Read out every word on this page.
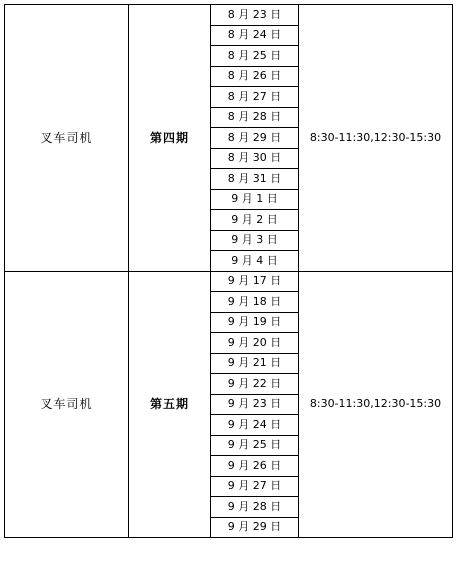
叉车司机	第四期	8 月 23 日	8:30-11:30,12:30-15:30
		8 月 24 日	
		8 月 25 日	
		8 月 26 日	
		8 月 27 日	
		8 月 28 日	
		8 月 29 日	
		8 月 30 日	
		8 月 31 日	
		9 月 1 日	
		9 月 2 日	
		9 月 3 日	
		9 月 4 日	
叉车司机	第五期	9 月 17 日	8:30-11:30,12:30-15:30
		9 月 18 日	
		9 月 19 日	
		9 月 20 日	
		9 月 21 日	
		9 月 22 日	
		9 月 23 日	
		9 月 24 日	
		9 月 25 日	
		9 月 26 日	
		9 月 27 日	
		9 月 28 日	
		9 月 29 日	
